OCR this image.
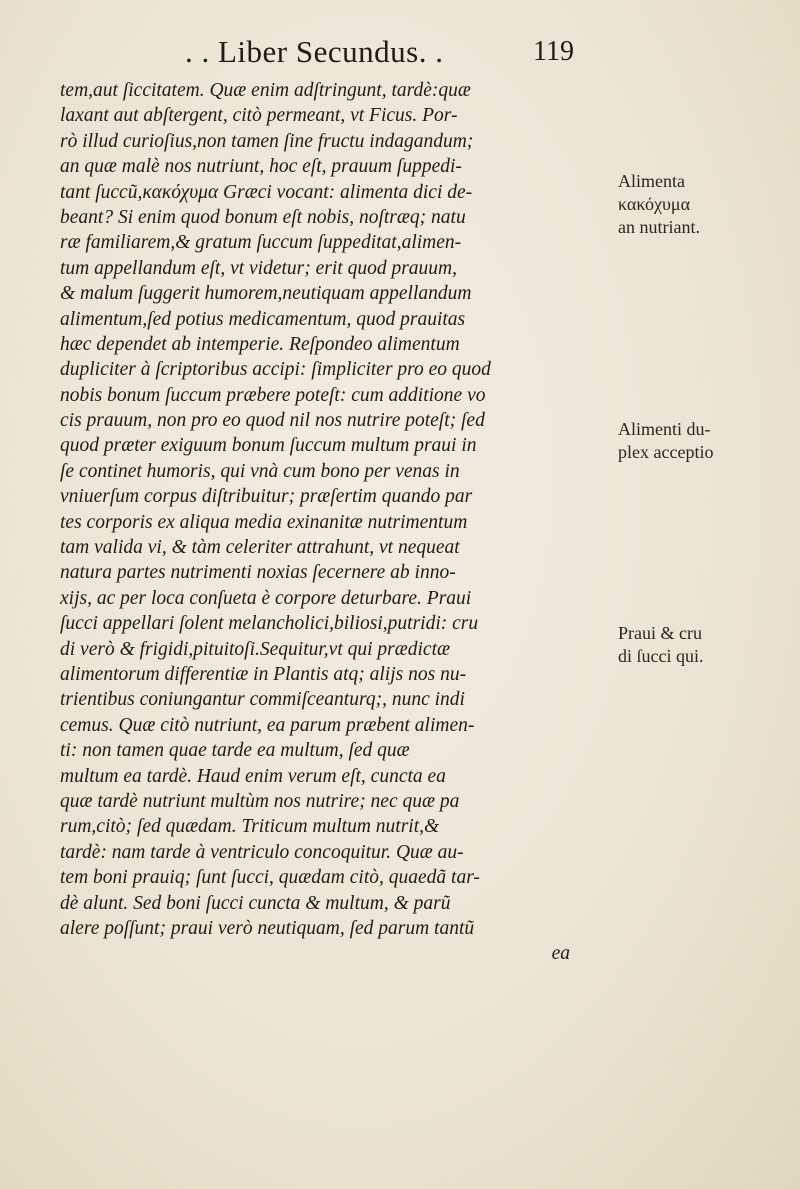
. . Liber Secundus. .	119
tem,aut ſiccitatem. Quæ enim adſtringunt, tardè:quæ
laxant aut abſtergent, citò permeant, vt Ficus. Por-
rò illud curioſius,non tamen ſine fructu indagandum;
an quæ malè nos nutriunt, hoc eſt, prauum ſuppedi-
tant ſuccũ,κακόχυμα Græci vocant: alimenta dici de-
beant? Si enim quod bonum eſt nobis, noſtræq; natu
ræ familiarem,& gratum ſuccum ſuppeditat,alimen-
tum appellandum eſt, vt videtur; erit quod prauum,
& malum ſuggerit humorem,neutiquam appellandum
alimentum,ſed potius medicamentum, quod prauitas
hæc dependet ab intemperie. Reſpondeo alimentum
dupliciter à ſcriptoribus accipi: ſimpliciter pro eo quod
nobis bonum ſuccum præbere poteſt: cum additione vo
cis prauum, non pro eo quod nil nos nutrire poteſt; ſed
quod præter exiguum bonum ſuccum multum praui in
ſe continet humoris, qui vnà cum bono per venas in
vniuerſum corpus diſtribuitur; præſertim quando par
tes corporis ex aliqua media exinanitæ nutrimentum
tam valida vi, & tàm celeriter attrahunt, vt nequeat
natura partes nutrimenti noxias ſecernere ab inno-
xijs, ac per loca conſueta è corpore deturbare. Praui
ſucci appellari ſolent melancholici,biliosi,putridi: cru
di verò & frigidi,pituitoſi.Sequitur,vt qui prædictæ
alimentorum differentiæ in Plantis atq; alijs nos nu-
trientibus coniungantur commiſceanturq;, nunc indi
cemus. Quæ citò nutriunt, ea parum præbent alimen-
ti: non tamen quae tarde ea multum, ſed quæ
multum ea tardè. Haud enim verum eſt, cuncta ea
quæ tardè nutriunt multùm nos nutrire; nec quæ pa
rum,citò; ſed quædam. Triticum multum nutrit,&
tardè: nam tarde à ventriculo concoquitur. Quæ au-
tem boni prauiq; ſunt ſucci, quædam citò, quaedã tar-
dè alunt. Sed boni ſucci cuncta & multum, & parũ
alere poſſunt; praui verò neutiquam, ſed parum tantũ
ea
Alimenta
κακόχυμα
an nutriant.
Alimenti du-
plex acceptio
Praui & cru
di ſucci qui.
